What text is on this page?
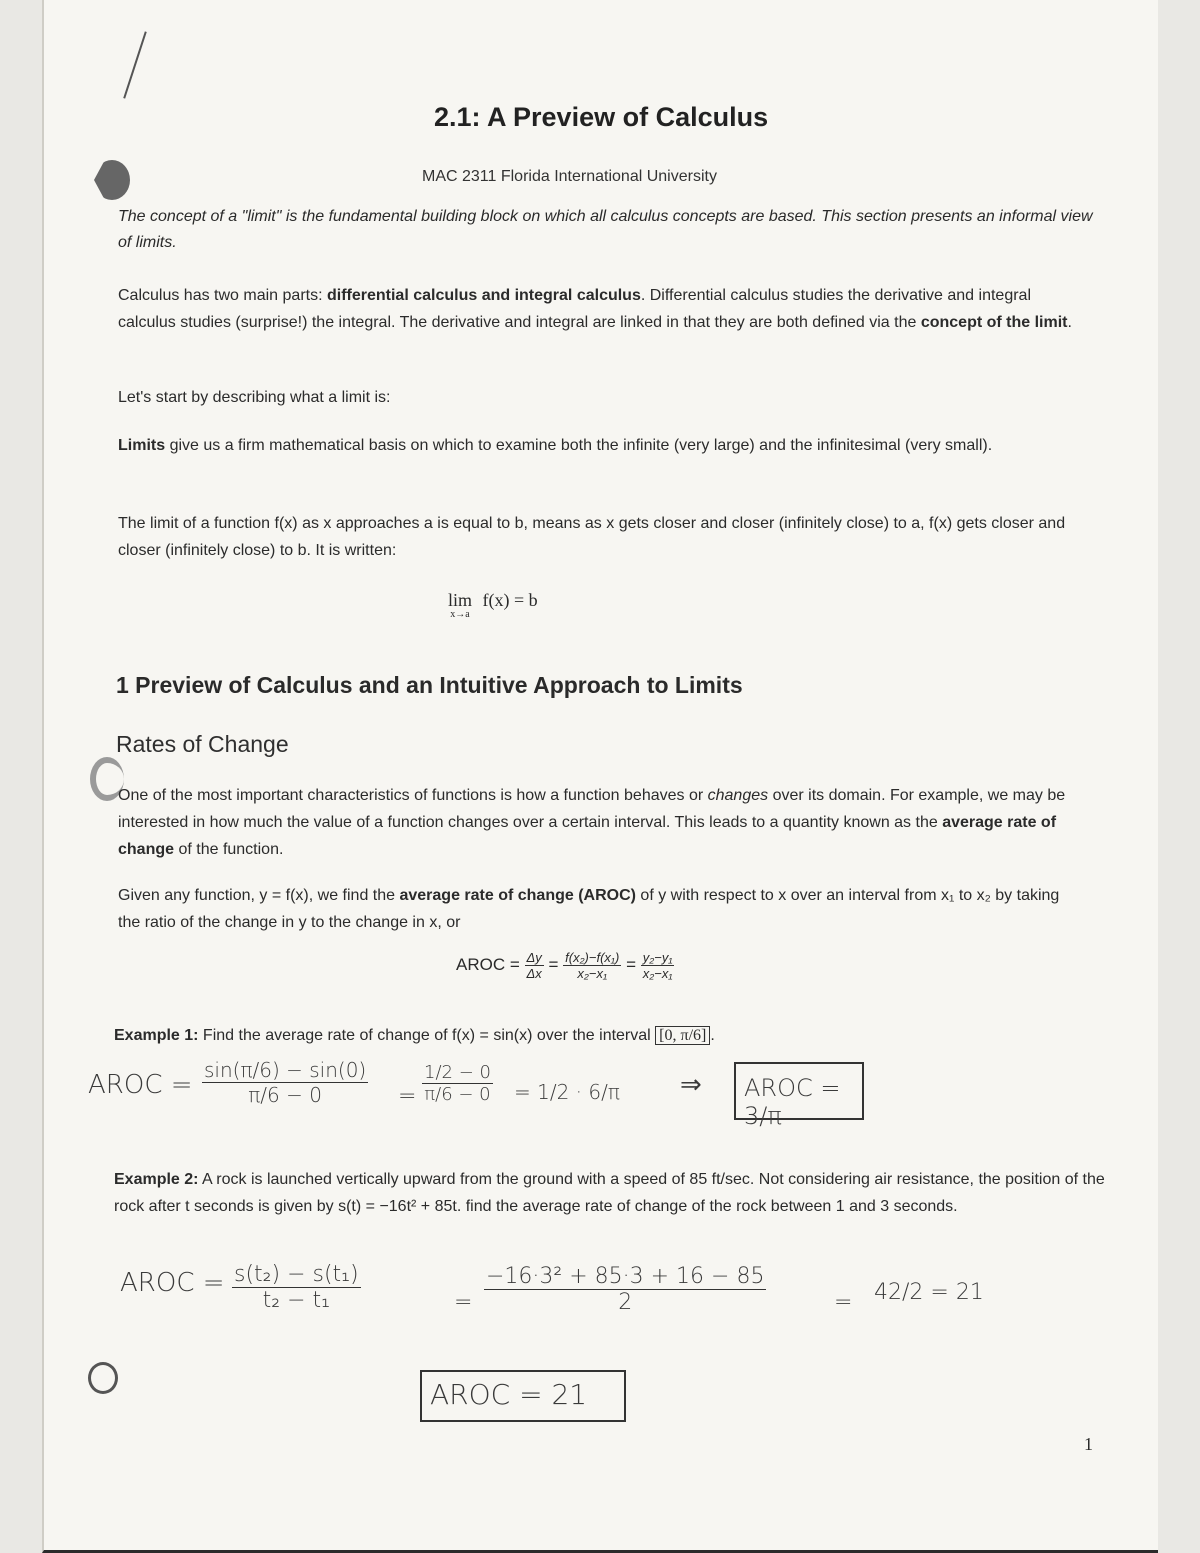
2.1: A Preview of Calculus
MAC 2311 Florida International University
The concept of a "limit" is the fundamental building block on which all calculus concepts are based. This section presents an informal view of limits.
Calculus has two main parts: differential calculus and integral calculus. Differential calculus studies the derivative and integral calculus studies (surprise!) the integral. The derivative and integral are linked in that they are both defined via the concept of the limit.
Let's start by describing what a limit is:
Limits give us a firm mathematical basis on which to examine both the infinite (very large) and the infinitesimal (very small).
The limit of a function f(x) as x approaches a is equal to b, means as x gets closer and closer (infinitely close) to a, f(x) gets closer and closer (infinitely close) to b. It is written:
lim
x→a
f(x) = b
1 Preview of Calculus and an Intuitive Approach to Limits
Rates of Change
One of the most important characteristics of functions is how a function behaves or changes over its domain. For example, we may be interested in how much the value of a function changes over a certain interval. This leads to a quantity known as the average rate of change of the function.
Given any function, y = f(x), we find the average rate of change (AROC) of y with respect to x over an interval from x₁ to x₂ by taking the ratio of the change in y to the change in x, or
AROC = $\frac{\Delta y}{\Delta x} = \frac{\text{f(x₂)−f(x₁)}}{\text{x₂−x₁}} = \frac{\text{y₂−y₁}}{\text{x₂−x₁}}$
Example 1: Find the average rate of change of f(x) = sin(x) over the interval [0, π/6] .
AROC = $\frac{\sin(\pi/6) - \sin(0)}{\pi/6 - 0} = \frac{1/2 - 0}{\pi/6 - 0} = 1/2 \cdot 6/\pi$ ⇒	AROC = 3/π
Example 2: A rock is launched vertically upward from the ground with a speed of 85 ft/sec. Not considering air resistance, the position of the rock after t seconds is given by s(t) = −16t² + 85t. find the average rate of change of the rock between 1 and 3 seconds.
AROC = $\frac{\text{s(t₂) − s(t₁)}}{\text{t₂ − t₁}}$	= $\frac{\text{−16·3² + 85·3 + 16 − 85}}{2}$	= 42/2 = 21
AROC = 21
1
